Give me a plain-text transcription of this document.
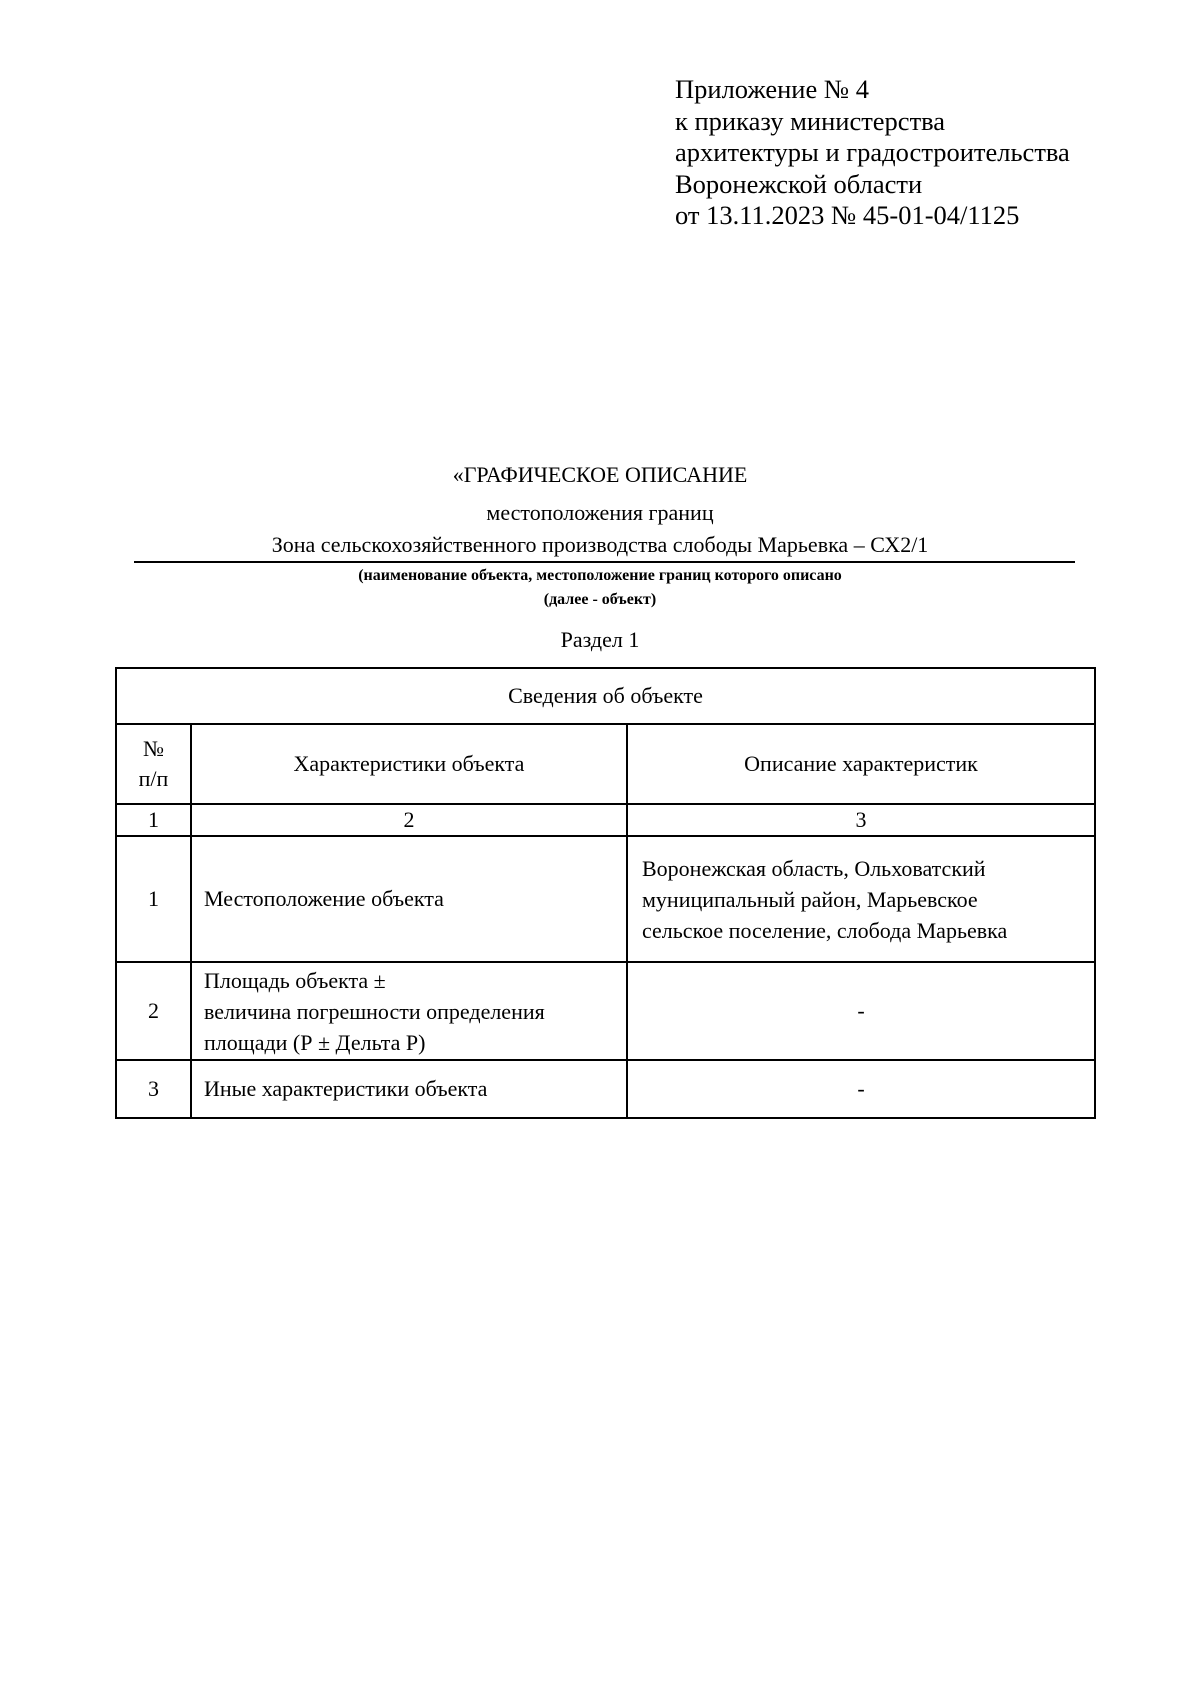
Приложение № 4
к приказу министерства
архитектуры и градостроительства
Воронежской области
от 13.11.2023 № 45-01-04/1125
«ГРАФИЧЕСКОЕ ОПИСАНИЕ
местоположения границ
Зона сельскохозяйственного производства слободы Марьевка – СХ2/1
(наименование объекта, местоположение границ которого описано
(далее - объект)
Раздел 1
Сведения об объекте		

№
п/п	Характеристики объекта	Описание характеристик
1	2	3
1	Местоположение объекта	Воронежская область, Ольховатский
муниципальный район, Марьевское
сельское поселение, слобода Марьевка

2	Площадь объекта ±
величина погрешности определения
площади (Р ± Дельта Р)	-

3	Иные характеристики объекта	-
